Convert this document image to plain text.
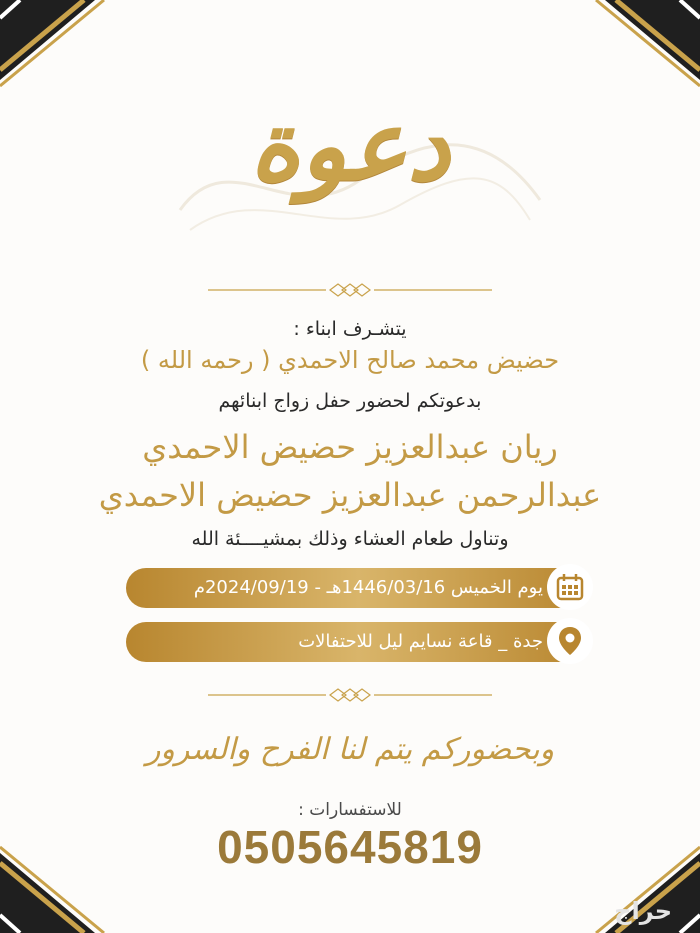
دعوة
يتشـرف ابناء :
حضيض محمد صالح الاحمدي ( رحمه الله )
بدعوتكم لحضور حفل زواج ابنائهم
ريان عبدالعزيز حضيض الاحمدي
عبدالرحمن عبدالعزيز حضيض الاحمدي
وتناول طعام العشاء وذلك بمشيــــئة الله
يوم الخميس 1446/03/16هـ - 2024/09/19م
جدة _ قاعة نسايم ليل للاحتفالات
وبحضوركم يتم لنا الفرح والسرور
للاستفسارات :
0505645819
حراج
